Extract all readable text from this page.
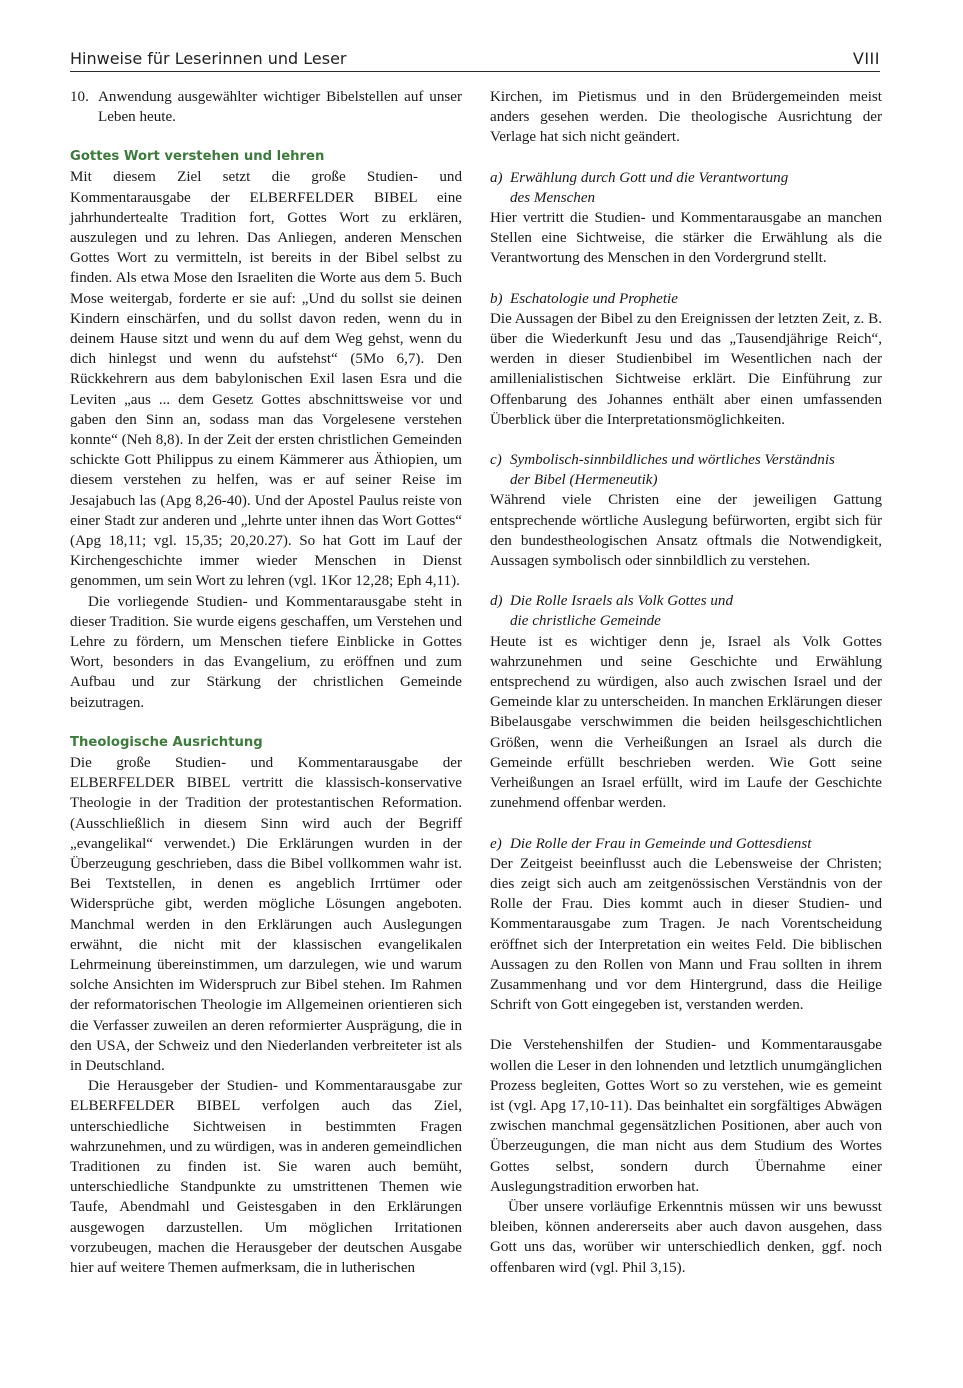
Hinweise für Leserinnen und Leser	VIII
10. Anwendung ausgewählter wichtiger Bibelstellen auf unser Leben heute.
Gottes Wort verstehen und lehren

Mit diesem Ziel setzt die große Studien- und Kommentarausgabe der ELBERFELDER BIBEL eine jahrhundertealte Tradition fort, Gottes Wort zu erklären, auszulegen und zu lehren. Das Anliegen, anderen Menschen Gottes Wort zu vermitteln, ist bereits in der Bibel selbst zu finden. Als etwa Mose den Israeliten die Worte aus dem 5. Buch Mose weitergab, forderte er sie auf: „Und du sollst sie deinen Kindern einschärfen, und du sollst davon reden, wenn du in deinem Hause sitzt und wenn du auf dem Weg gehst, wenn du dich hinlegst und wenn du aufstehst“ (5Mo 6,7). Den Rückkehrern aus dem babylonischen Exil lasen Esra und die Leviten „aus ... dem Gesetz Gottes abschnittsweise vor und gaben den Sinn an, sodass man das Vorgelesene verstehen konnte“ (Neh 8,8). In der Zeit der ersten christlichen Gemeinden schickte Gott Philippus zu einem Kämmerer aus Äthiopien, um diesem verstehen zu helfen, was er auf seiner Reise im Jesajabuch las (Apg 8,26-40). Und der Apostel Paulus reiste von einer Stadt zur anderen und „lehrte unter ihnen das Wort Gottes“ (Apg 18,11; vgl. 15,35; 20,20.27). So hat Gott im Lauf der Kirchengeschichte immer wieder Menschen in Dienst genommen, um sein Wort zu lehren (vgl. 1Kor 12,28; Eph 4,11).

Die vorliegende Studien- und Kommentarausgabe steht in dieser Tradition. Sie wurde eigens geschaffen, um Verstehen und Lehre zu fördern, um Menschen tiefere Einblicke in Gottes Wort, besonders in das Evangelium, zu eröffnen und zum Aufbau und zur Stärkung der christlichen Gemeinde beizutragen.

Theologische Ausrichtung

Die große Studien- und Kommentarausgabe der ELBERFELDER BIBEL vertritt die klassisch-konservative Theologie in der Tradition der protestantischen Reformation. (Ausschließlich in diesem Sinn wird auch der Begriff „evangelikal“ verwendet.) Die Erklärungen wurden in der Überzeugung geschrieben, dass die Bibel vollkommen wahr ist. Bei Textstellen, in denen es angeblich Irrtümer oder Widersprüche gibt, werden mögliche Lösungen angeboten. Manchmal werden in den Erklärungen auch Auslegungen erwähnt, die nicht mit der klassischen evangelikalen Lehrmeinung übereinstimmen, um darzulegen, wie und warum solche Ansichten im Widerspruch zur Bibel stehen. Im Rahmen der reformatorischen Theologie im Allgemeinen orientieren sich die Verfasser zuweilen an deren reformierter Ausprägung, die in den USA, der Schweiz und den Niederlanden verbreiteter ist als in Deutschland.

Die Herausgeber der Studien- und Kommentarausgabe zur ELBERFELDER BIBEL verfolgen auch das Ziel, unterschiedliche Sichtweisen in bestimmten Fragen wahrzunehmen, und zu würdigen, was in anderen gemeindlichen Traditionen zu finden ist. Sie waren auch bemüht, unterschiedliche Standpunkte zu umstrittenen Themen wie Taufe, Abendmahl und Geistesgaben in den Erklärungen ausgewogen darzustellen. Um möglichen Irritationen vorzubeugen, machen die Herausgeber der deutschen Ausgabe hier auf weitere Themen aufmerksam, die in lutherischen

Kirchen, im Pietismus und in den Brüdergemeinden meist anders gesehen werden. Die theologische Ausrichtung der Verlage hat sich nicht geändert.

a) Erwählung durch Gott und die Verantwortung
des Menschen

Hier vertritt die Studien- und Kommentarausgabe an manchen Stellen eine Sichtweise, die stärker die Erwählung als die Verantwortung des Menschen in den Vordergrund stellt.

b) Eschatologie und Prophetie

Die Aussagen der Bibel zu den Ereignissen der letzten Zeit, z. B. über die Wiederkunft Jesu und das „Tausendjährige Reich“, werden in dieser Studienbibel im Wesentlichen nach der amillenialistischen Sichtweise erklärt. Die Einführung zur Offenbarung des Johannes enthält aber einen umfassenden Überblick über die Interpretationsmöglichkeiten.

c) Symbolisch-sinnbildliches und wörtliches Verständnis
der Bibel (Hermeneutik)

Während viele Christen eine der jeweiligen Gattung entsprechende wörtliche Auslegung befürworten, ergibt sich für den bundestheologischen Ansatz oftmals die Notwendigkeit, Aussagen symbolisch oder sinnbildlich zu verstehen.

d) Die Rolle Israels als Volk Gottes und
die christliche Gemeinde

Heute ist es wichtiger denn je, Israel als Volk Gottes wahrzunehmen und seine Geschichte und Erwählung entsprechend zu würdigen, also auch zwischen Israel und der Gemeinde klar zu unterscheiden. In manchen Erklärungen dieser Bibelausgabe verschwimmen die beiden heilsgeschichtlichen Größen, wenn die Verheißungen an Israel als durch die Gemeinde erfüllt beschrieben werden. Wie Gott seine Verheißungen an Israel erfüllt, wird im Laufe der Geschichte zunehmend offenbar werden.

e) Die Rolle der Frau in Gemeinde und Gottesdienst

Der Zeitgeist beeinflusst auch die Lebensweise der Christen; dies zeigt sich auch am zeitgenössischen Verständnis von der Rolle der Frau. Dies kommt auch in dieser Studien- und Kommentarausgabe zum Tragen. Je nach Vorentscheidung eröffnet sich der Interpretation ein weites Feld. Die biblischen Aussagen zu den Rollen von Mann und Frau sollten in ihrem Zusammenhang und vor dem Hintergrund, dass die Heilige Schrift von Gott eingegeben ist, verstanden werden.

Die Verstehenshilfen der Studien- und Kommentarausgabe wollen die Leser in den lohnenden und letztlich unumgänglichen Prozess begleiten, Gottes Wort so zu verstehen, wie es gemeint ist (vgl. Apg 17,10-11). Das beinhaltet ein sorgfältiges Abwägen zwischen manchmal gegensätzlichen Positionen, aber auch von Überzeugungen, die man nicht aus dem Studium des Wortes Gottes selbst, sondern durch Übernahme einer Auslegungstradition erworben hat.

Über unsere vorläufige Erkenntnis müssen wir uns bewusst bleiben, können andererseits aber auch davon ausgehen, dass Gott uns das, worüber wir unterschiedlich denken, ggf. noch offenbaren wird (vgl. Phil 3,15).
